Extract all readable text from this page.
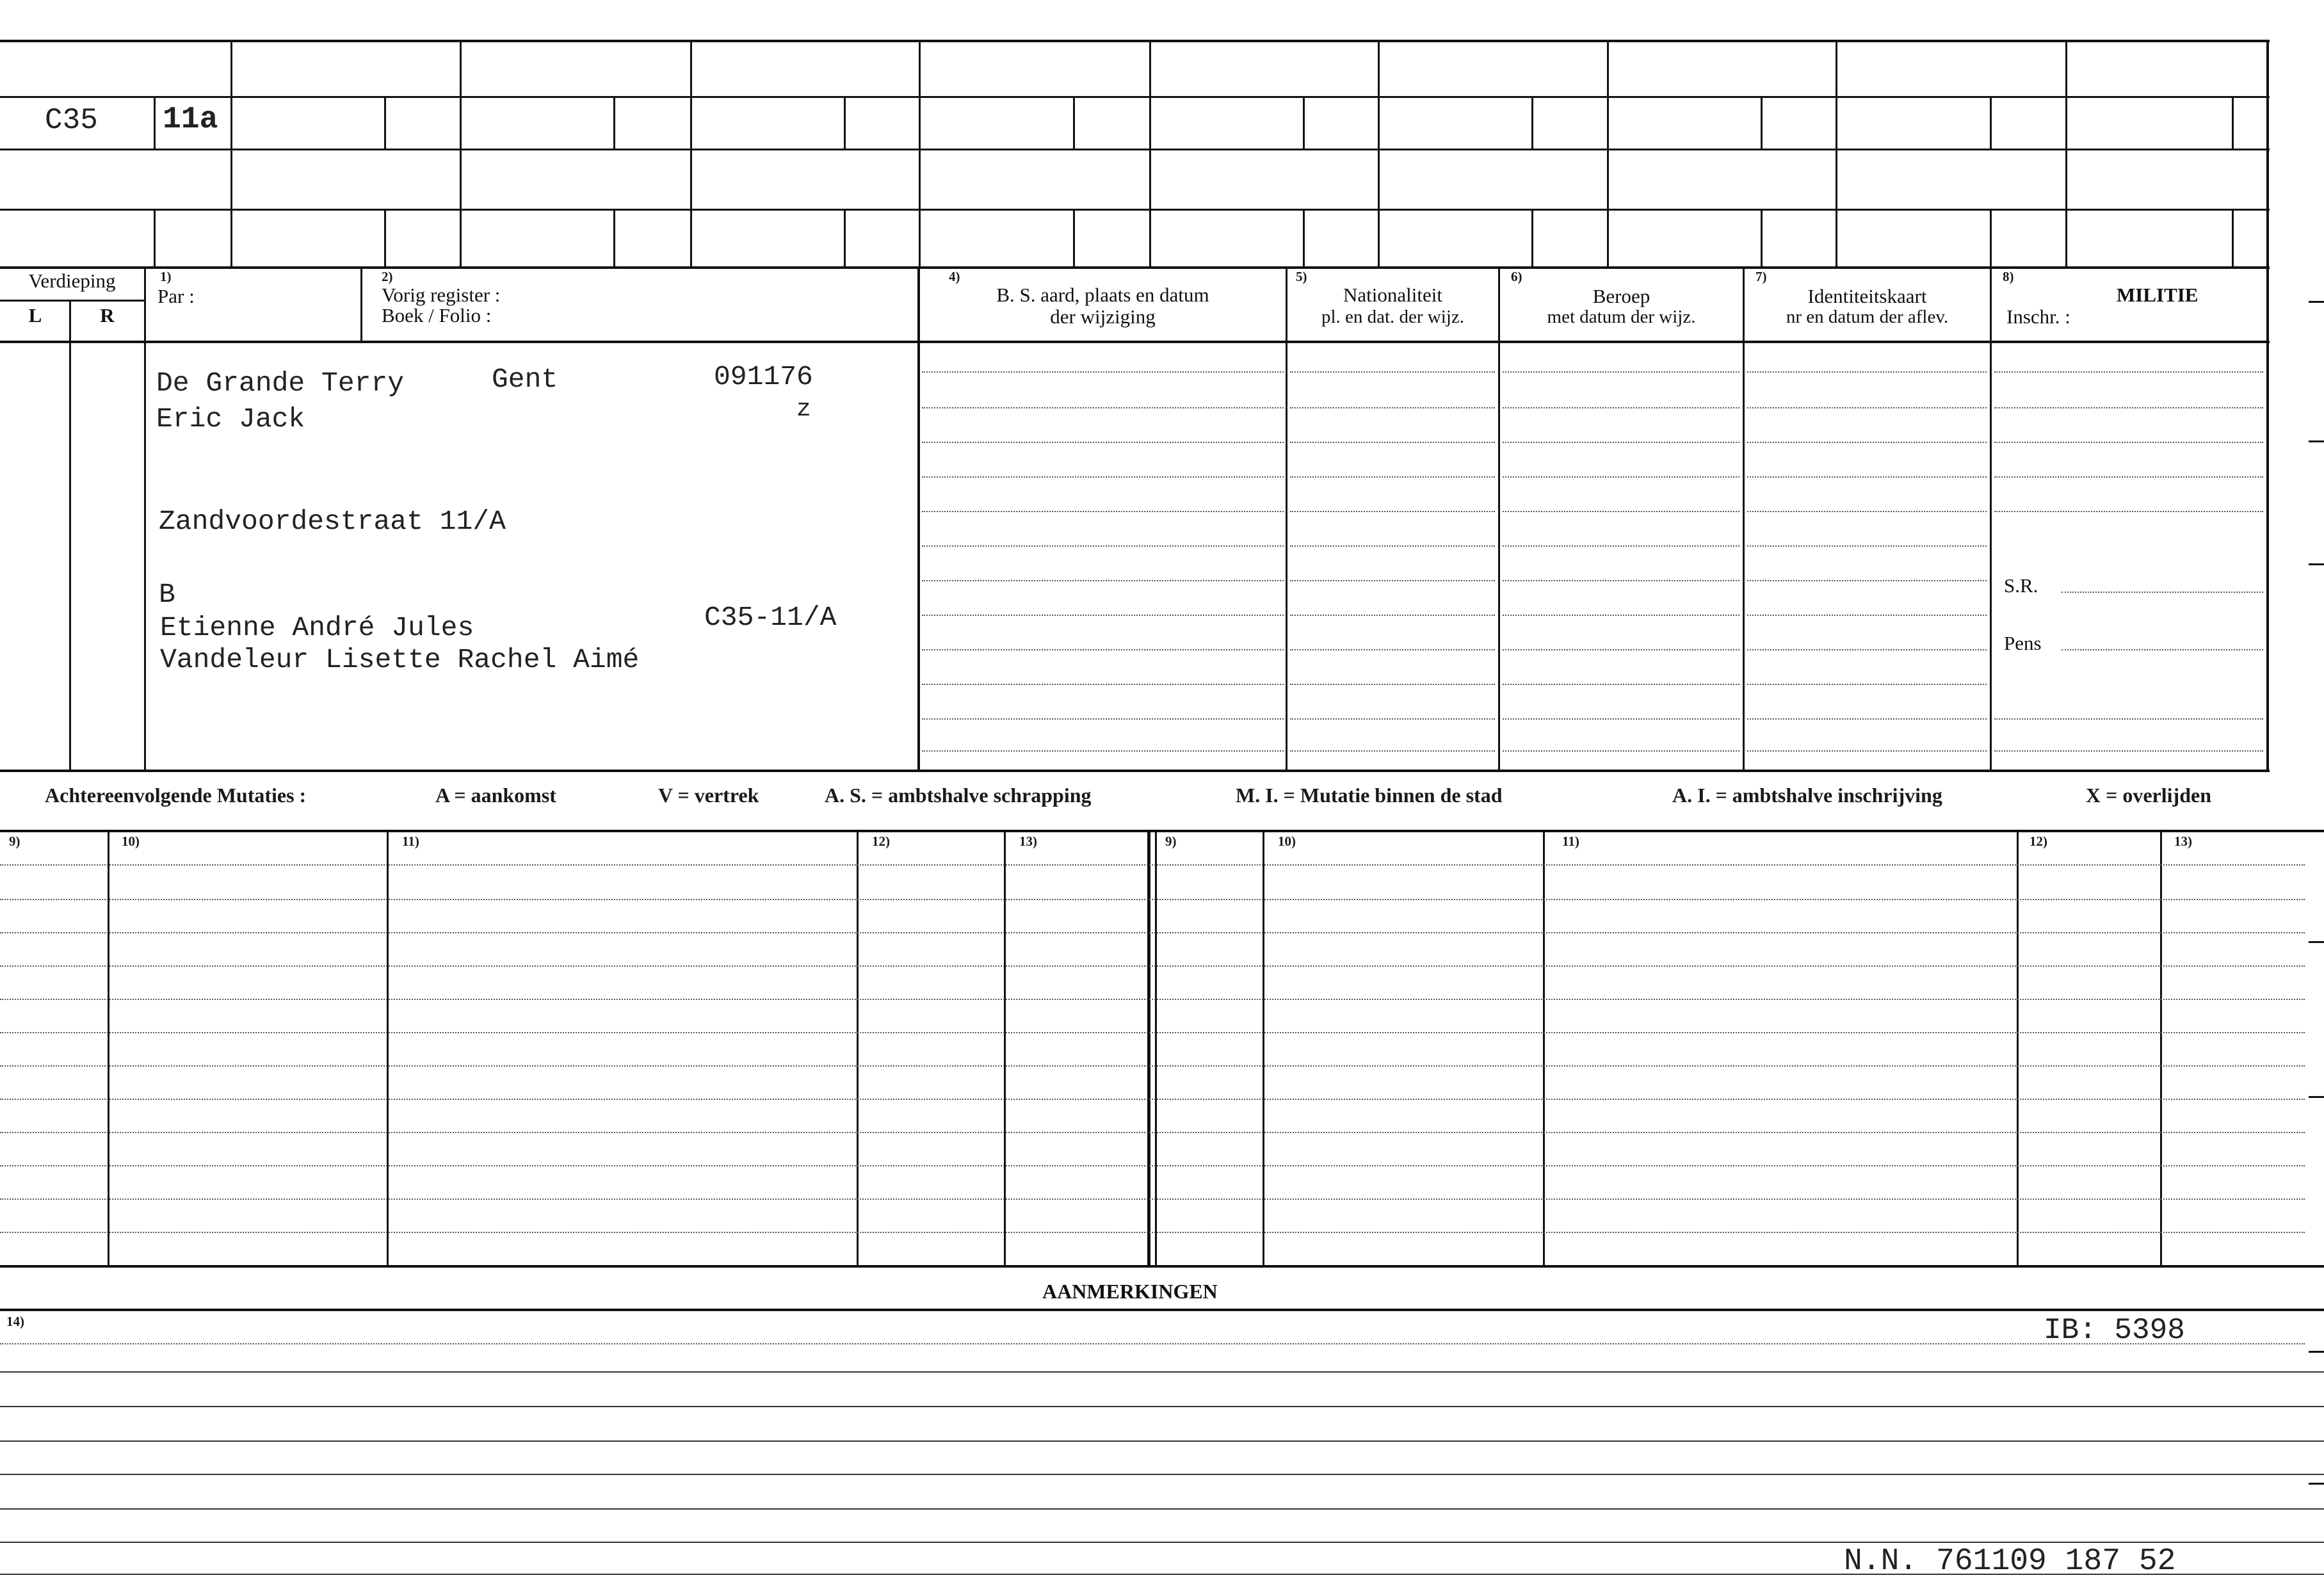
C35 11a
Verdieping
L	R
1)
Par :
2)
Vorig register :
Boek / Folio :
4)
B. S. aard, plaats en datum
der wijziging
5)
Nationaliteit
pl. en dat. der wijz.
6)
Beroep
met datum der wijz.
7)
Identiteitskaart
nr en datum der aflev.
8)
MILITIE
Inschr. :
S.R.
Pens
De Grande Terry	Gent	091176
Eric Jack	z
Zandvoordestraat 11/A
B
Etienne André Jules	C35-11/A
Vandeleur Lisette Rachel Aimé
Achtereenvolgende Mutaties :	A = aankomst	V = vertrek	A. S. = ambtshalve schrapping	M. I. = Mutatie binnen de stad	A. I. = ambtshalve inschrijving	X = overlijden
9)	10)	11)	12)	13)	9)	10)	11)	12)	13)
AANMERKINGEN
14)	IB: 5398
N.N. 761109 187 52
